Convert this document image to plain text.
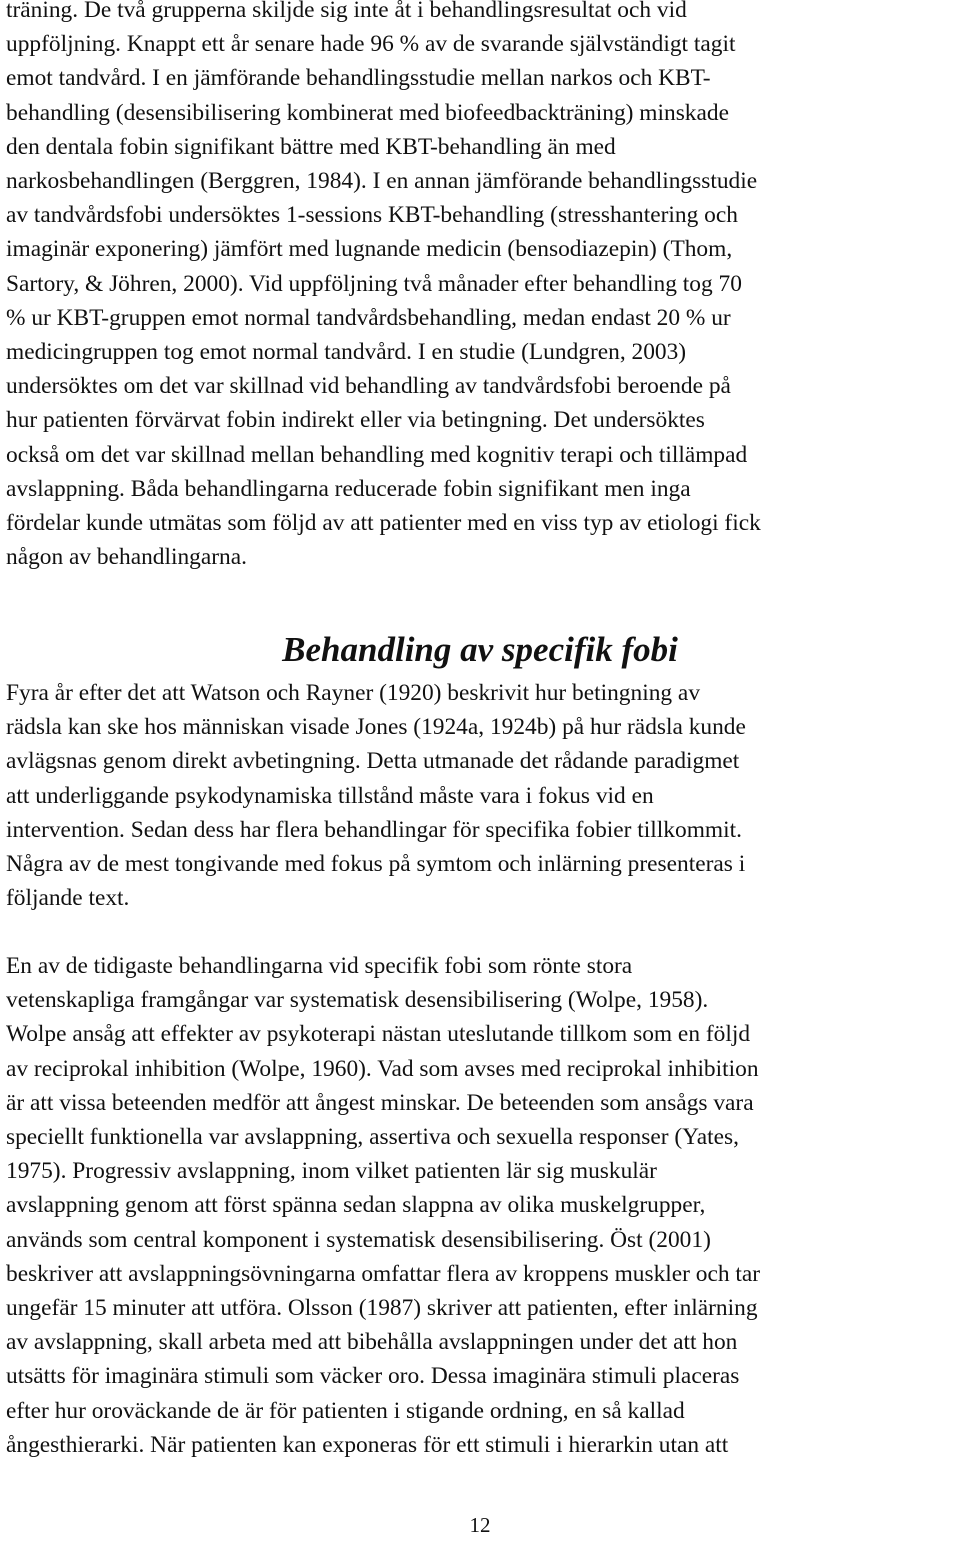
träning. De två grupperna skiljde sig inte åt i behandlingsresultat och vid
uppföljning. Knappt ett år senare hade 96 % av de svarande självständigt tagit
emot tandvård. I en jämförande behandlingsstudie mellan narkos och KBT-
behandling (desensibilisering kombinerat med biofeedbackträning) minskade
den dentala fobin signifikant bättre med KBT-behandling än med
narkosbehandlingen (Berggren, 1984). I en annan jämförande behandlingsstudie
av tandvårdsfobi undersöktes 1-sessions KBT-behandling (stresshantering och
imaginär exponering) jämfört med lugnande medicin (bensodiazepin) (Thom,
Sartory, & Jöhren, 2000). Vid uppföljning två månader efter behandling tog 70
% ur KBT-gruppen emot normal tandvårdsbehandling, medan endast 20 % ur
medicingruppen tog emot normal tandvård. I en studie (Lundgren, 2003)
undersöktes om det var skillnad vid behandling av tandvårdsfobi beroende på
hur patienten förvärvat fobin indirekt eller via betingning. Det undersöktes
också om det var skillnad mellan behandling med kognitiv terapi och tillämpad
avslappning. Båda behandlingarna reducerade fobin signifikant men inga
fördelar kunde utmätas som följd av att patienter med en viss typ av etiologi fick
någon av behandlingarna.

Fyra år efter det att Watson och Rayner (1920) beskrivit hur betingning av
rädsla kan ske hos människan visade Jones (1924a, 1924b) på hur rädsla kunde
avlägsnas genom direkt avbetingning. Detta utmanade det rådande paradigmet
att underliggande psykodynamiska tillstånd måste vara i fokus vid en
intervention. Sedan dess har flera behandlingar för specifika fobier tillkommit.
Några av de mest tongivande med fokus på symtom och inlärning presenteras i
följande text.

En av de tidigaste behandlingarna vid specifik fobi som rönte stora
vetenskapliga framgångar var systematisk desensibilisering (Wolpe, 1958).
Wolpe ansåg att effekter av psykoterapi nästan uteslutande tillkom som en följd
av reciprokal inhibition (Wolpe, 1960). Vad som avses med reciprokal inhibition
är att vissa beteenden medför att ångest minskar. De beteenden som ansågs vara
speciellt funktionella var avslappning, assertiva och sexuella responser (Yates,
1975). Progressiv avslappning, inom vilket patienten lär sig muskulär
avslappning genom att först spänna sedan slappna av olika muskelgrupper,
används som central komponent i systematisk desensibilisering. Öst (2001)
beskriver att avslappningsövningarna omfattar flera av kroppens muskler och tar
ungefär 15 minuter att utföra. Olsson (1987) skriver att patienten, efter inlärning
av avslappning, skall arbeta med att bibehålla avslappningen under det att hon
utsätts för imaginära stimuli som väcker oro. Dessa imaginära stimuli placeras
efter hur oroväckande de är för patienten i stigande ordning, en så kallad
ångesthierarki. När patienten kan exponeras för ett stimuli i hierarkin utan att

Behandling av specifik fobi
12
